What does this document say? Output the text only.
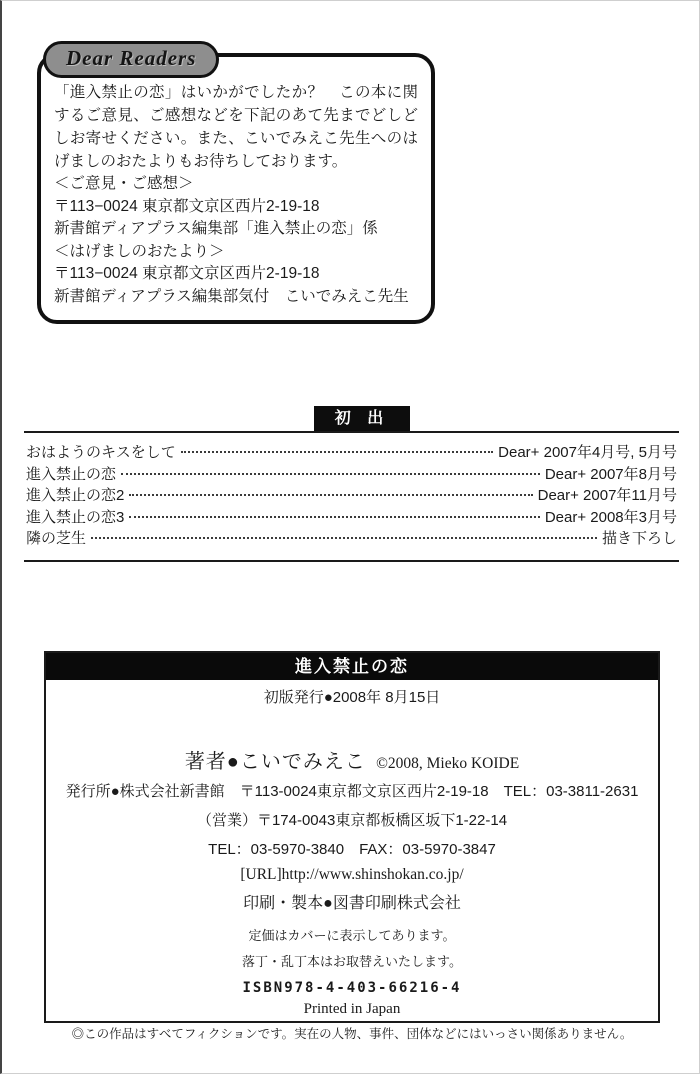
Dear Readers
「進入禁止の恋」はいかがでしたか？　この本に関するご意見、ご感想などを下記のあて先までどしどしお寄せください。また、こいでみえこ先生へのはげましのおたよりもお待ちしております。
＜ご意見・ご感想＞
〒113−0024 東京都文京区西片2-19-18
新書館ディアプラス編集部「進入禁止の恋」係
＜はげましのおたより＞
〒113−0024 東京都文京区西片2-19-18
新書館ディアプラス編集部気付　こいでみえこ先生
初 出
おはようのキスをして	Dear+ 2007年4月号, 5月号
進入禁止の恋	Dear+ 2007年8月号
進入禁止の恋2	Dear+ 2007年11月号
進入禁止の恋3	Dear+ 2008年3月号
隣の芝生	描き下ろし
進入禁止の恋
初版発行●2008年 8月15日
著者●こいでみえこ ©2008, Mieko KOIDE
発行所●株式会社新書館　〒113-0024東京都文京区西片2-19-18　TEL：03-3811-2631
（営業）〒174-0043東京都板橋区坂下1-22-14
TEL：03-5970-3840　FAX：03-5970-3847
[URL]http://www.shinshokan.co.jp/
印刷・製本●図書印刷株式会社
定価はカバーに表示してあります。
落丁・乱丁本はお取替えいたします。
ISBN978-4-403-66216-4
Printed in Japan
◎この作品はすべてフィクションです。実在の人物、事件、団体などにはいっさい関係ありません。
